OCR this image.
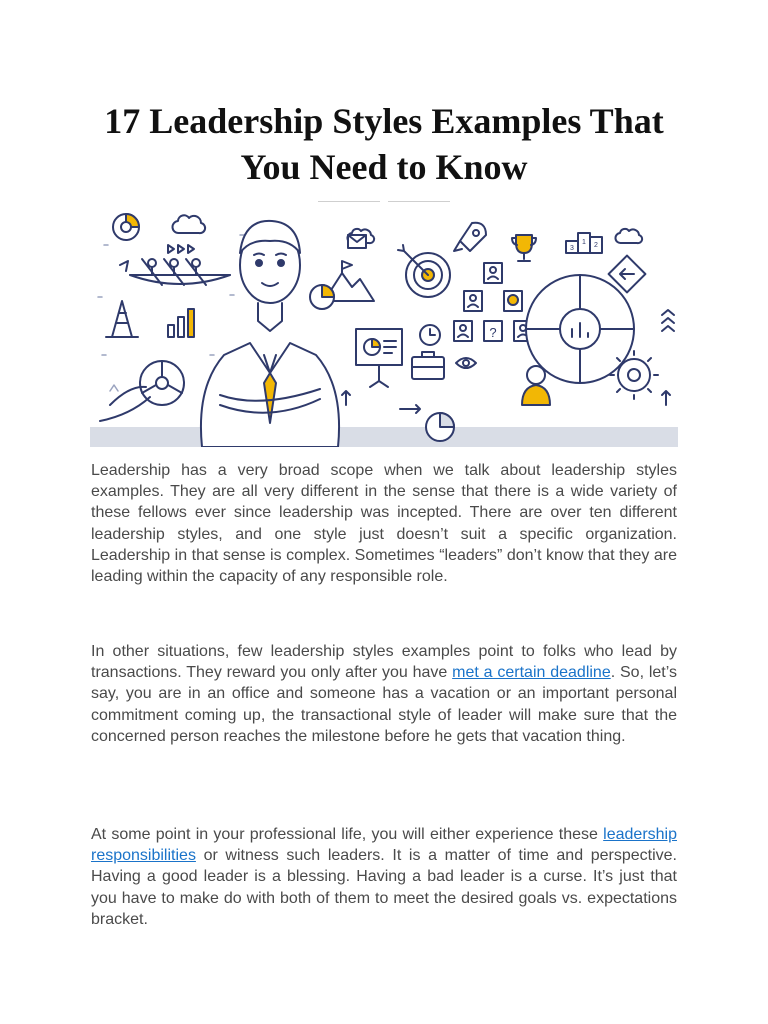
17 Leadership Styles Examples That You Need to Know
?
3
1 2

Leadership has a very broad scope when we talk about leadership styles examples. They are all very different in the sense that there is a wide variety of these fellows ever since leadership was incepted. There are over ten different leadership styles, and one style just doesn’t suit a specific organization. Leadership in that sense is complex. Sometimes “leaders” don’t know that they are leading within the capacity of any responsible role.

In other situations, few leadership styles examples point to folks who lead by transactions. They reward you only after you have met a certain deadline. So, let’s say, you are in an office and someone has a vacation or an important personal commitment coming up, the transactional style of leader will make sure that the concerned person reaches the milestone before he gets that vacation thing.

At some point in your professional life, you will either experience these leadership responsibilities or witness such leaders. It is a matter of time and perspective. Having a good leader is a blessing. Having a bad leader is a curse. It’s just that you have to make do with both of them to meet the desired goals vs. expectations bracket.
